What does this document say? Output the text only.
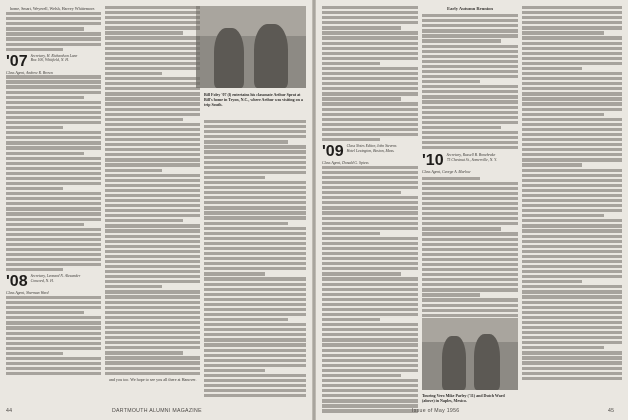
home, Smart, Weyerell, Welsh, Harvey Whittemore.

'07 Secretary, H. Richardson Lane
Box 100, Whitfield, N. H.
Class Agent, Andrew R. Brown
'08 Secretary, Leonard N. Alexander
Concord, N. H.
Class Agent, Sherman Ward

and you too. We hope to see you all there at Hanover.

Bill Foley '07 (l) entertains his classmate Arthur Sprat at Bill's home in Tryon, N.C., where Arthur was visiting on a trip South.
44	DARTMOUTH ALUMNI MAGAZINE
'09 Class Notes Editor, John Stevens
Hotel Lexington, Boston, Mass.
Class Agent, Donald G. Spiess
Early Autumn Reunion
'10 Secretary, Russell B. Bonebrake
75 Chestnut St., Somerville, N. Y.
Class Agent, George A. Marlow
Touring Vero Mike Parley ('11) and Dutch Ward (above) in Naples, Mexico.
Issue of May 1956	45
